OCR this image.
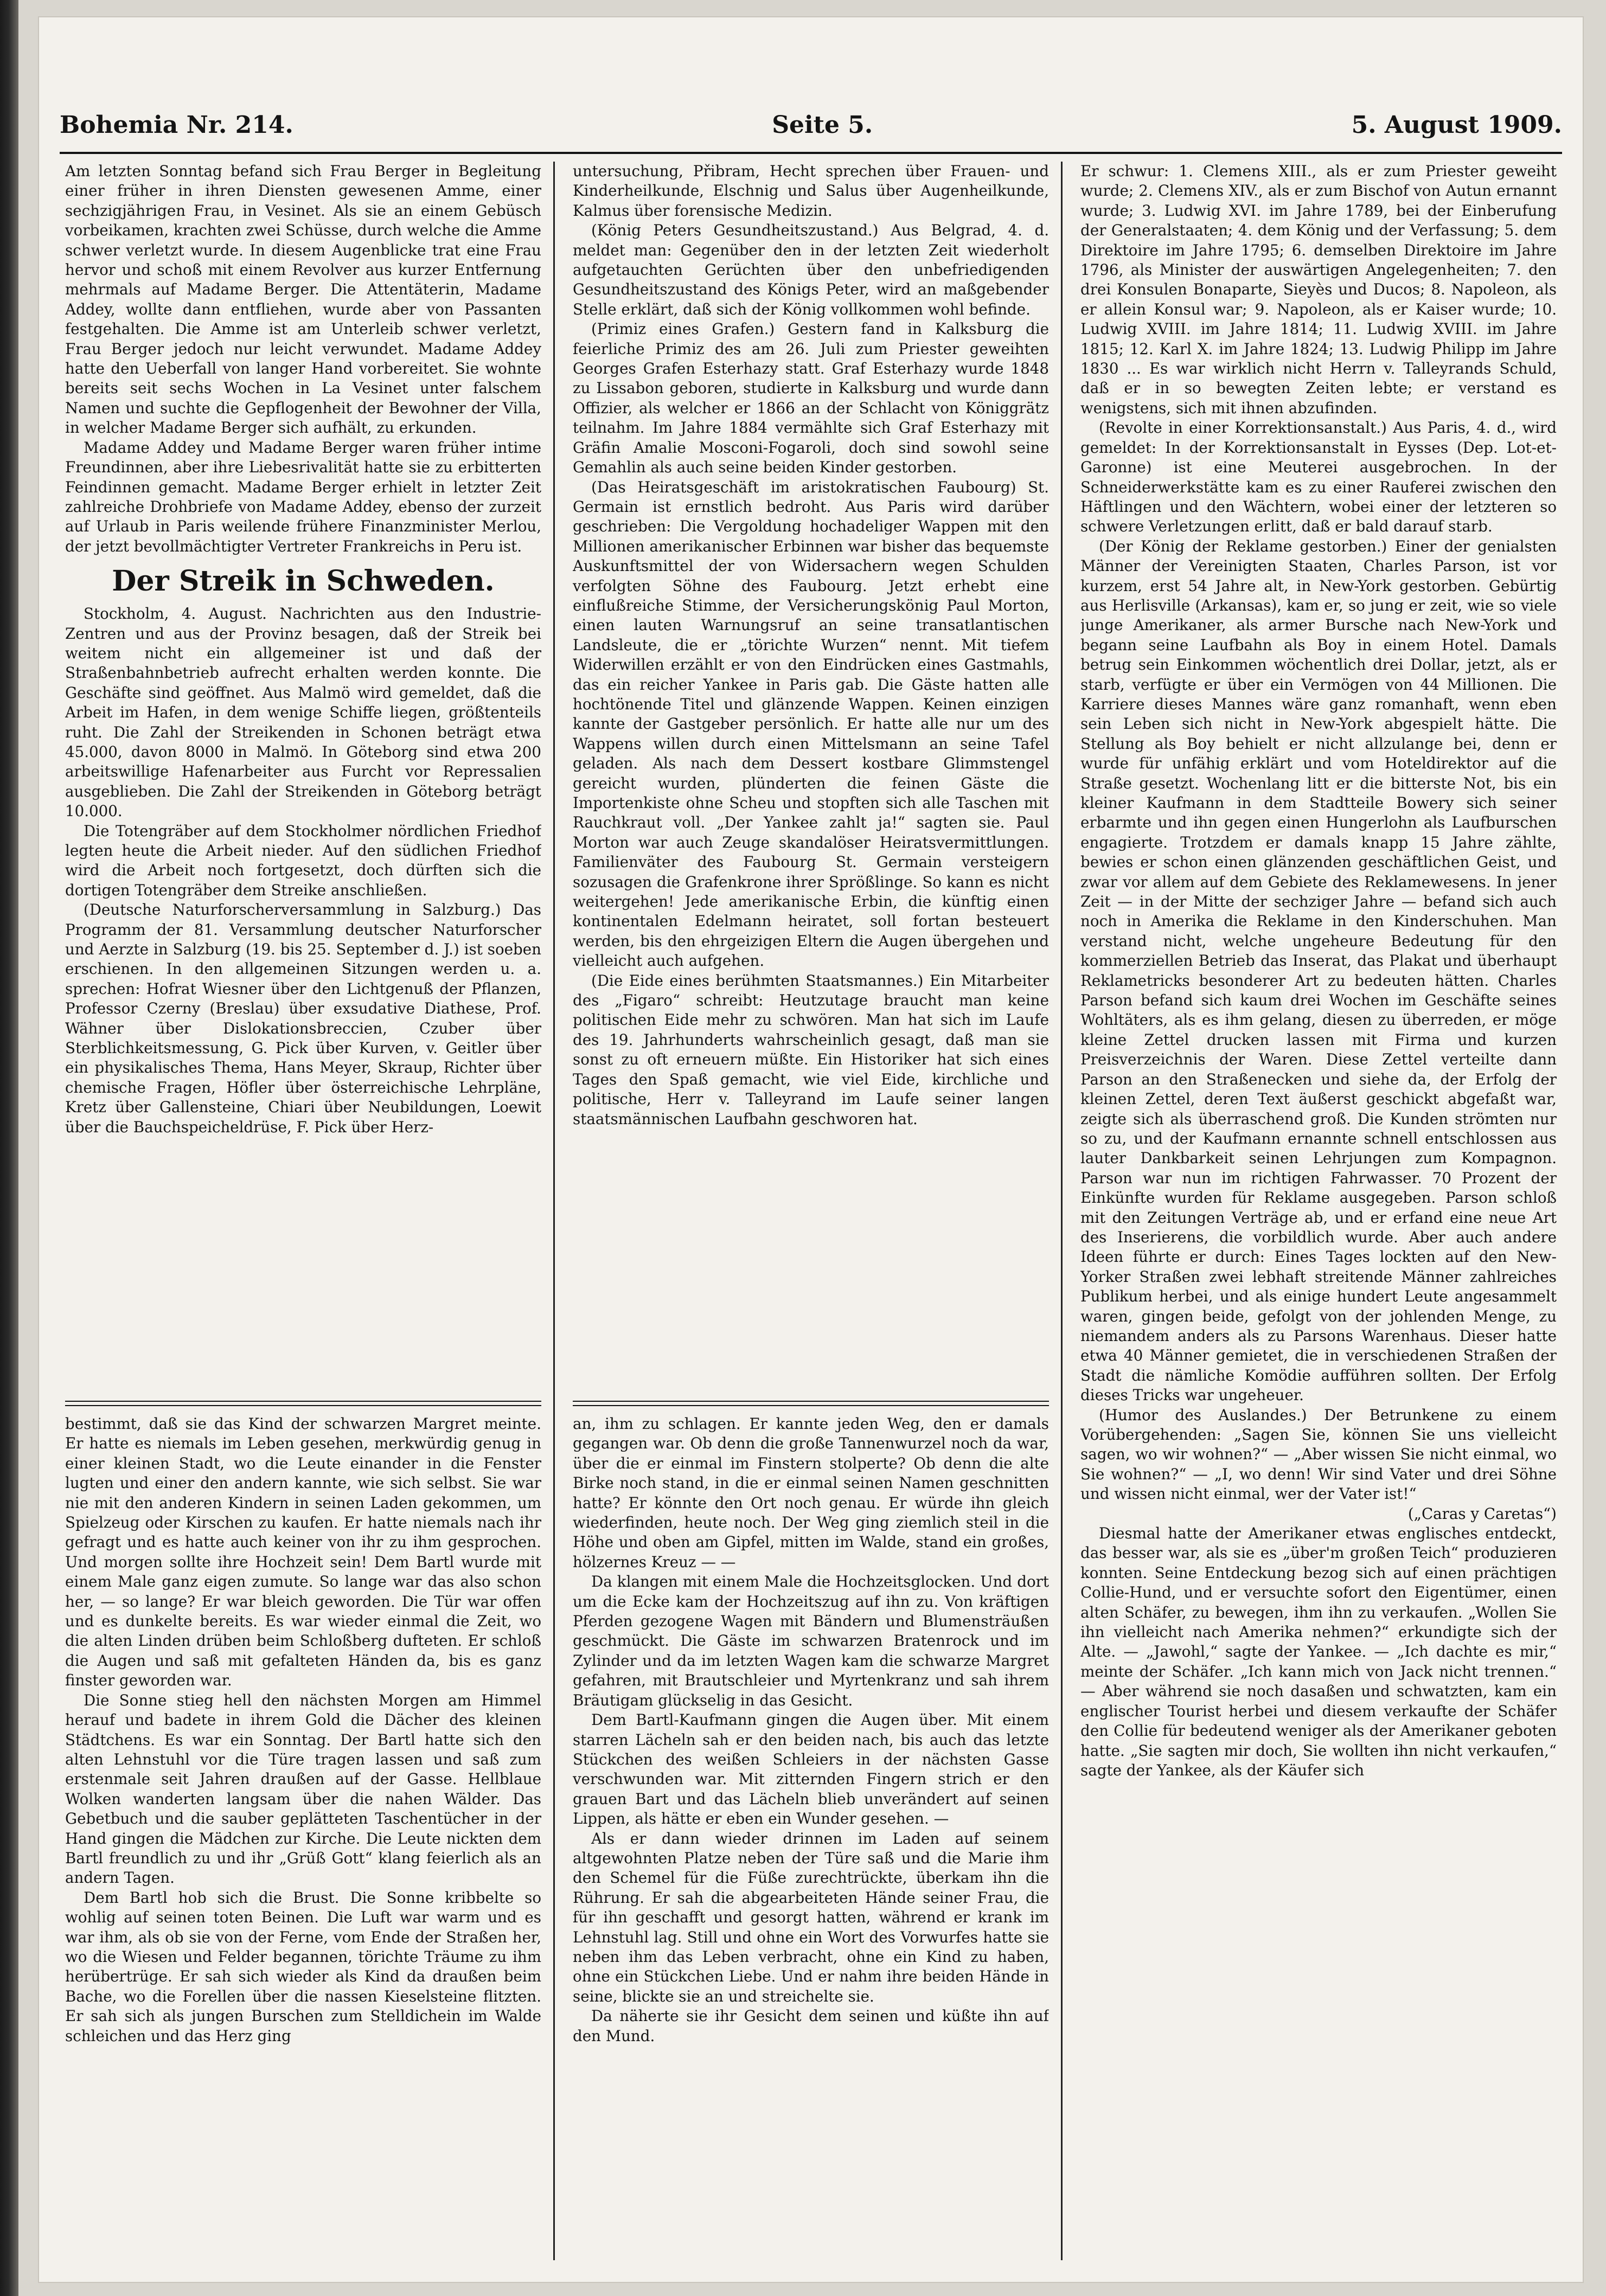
Bohemia Nr. 214.	Seite 5.	5. August 1909.

Am letzten Sonntag befand sich Frau Berger in Begleitung einer früher in ihren Diensten gewesenen Amme, einer sechzigjährigen Frau, in Vesinet. Als sie an einem Gebüsch vorbeikamen, krachten zwei Schüsse, durch welche die Amme schwer verletzt wurde. In diesem Augenblicke trat eine Frau hervor und schoß mit einem Revolver aus kurzer Entfernung mehrmals auf Madame Berger. Die Attentäterin, Madame Addey, wollte dann entfliehen, wurde aber von Passanten festgehalten. Die Amme ist am Unterleib schwer verletzt, Frau Berger jedoch nur leicht verwundet. Madame Addey hatte den Ueberfall von langer Hand vorbereitet. Sie wohnte bereits seit sechs Wochen in La Vesinet unter falschem Namen und suchte die Gepflogenheit der Bewohner der Villa, in welcher Madame Berger sich aufhält, zu erkunden.

Madame Addey und Madame Berger waren früher intime Freundinnen, aber ihre Liebesrivalität hatte sie zu erbitterten Feindinnen gemacht. Madame Berger erhielt in letzter Zeit zahlreiche Drohbriefe von Madame Addey, ebenso der zurzeit auf Urlaub in Paris weilende frühere Finanzminister Merlou, der jetzt bevollmächtigter Vertreter Frankreichs in Peru ist.

Der Streik in Schweden.

Stockholm, 4. August. Nachrichten aus den Industrie-Zentren und aus der Provinz besagen, daß der Streik bei weitem nicht ein allgemeiner ist und daß der Straßenbahnbetrieb aufrecht erhalten werden konnte. Die Geschäfte sind geöffnet. Aus Malmö wird gemeldet, daß die Arbeit im Hafen, in dem wenige Schiffe liegen, größtenteils ruht. Die Zahl der Streikenden in Schonen beträgt etwa 45.000, davon 8000 in Malmö. In Göteborg sind etwa 200 arbeitswillige Hafenarbeiter aus Furcht vor Repressalien ausgeblieben. Die Zahl der Streikenden in Göteborg beträgt 10.000.

Die Totengräber auf dem Stockholmer nördlichen Friedhof legten heute die Arbeit nieder. Auf den südlichen Friedhof wird die Arbeit noch fortgesetzt, doch dürften sich die dortigen Totengräber dem Streike anschließen.

(Deutsche Naturforscherversammlung in Salzburg.) Das Programm der 81. Versammlung deutscher Naturforscher und Aerzte in Salzburg (19. bis 25. September d. J.) ist soeben erschienen. In den allgemeinen Sitzungen werden u. a. sprechen: Hofrat Wiesner über den Lichtgenuß der Pflanzen, Professor Czerny (Breslau) über exsudative Diathese, Prof. Wähner über Dislokationsbreccien, Czuber über Sterblichkeitsmessung, G. Pick über Kurven, v. Geitler über ein physikalisches Thema, Hans Meyer, Skraup, Richter über chemische Fragen, Höfler über österreichische Lehrpläne, Kretz über Gallensteine, Chiari über Neubildungen, Loewit über die Bauchspeicheldrüse, F. Pick über Herz-

untersuchung, Přibram, Hecht sprechen über Frauen- und Kinderheilkunde, Elschnig und Salus über Augenheilkunde, Kalmus über forensische Medizin.

(König Peters Gesundheitszustand.) Aus Belgrad, 4. d. meldet man: Gegenüber den in der letzten Zeit wiederholt aufgetauchten Gerüchten über den unbefriedigenden Gesundheitszustand des Königs Peter, wird an maßgebender Stelle erklärt, daß sich der König vollkommen wohl befinde.

(Primiz eines Grafen.) Gestern fand in Kalksburg die feierliche Primiz des am 26. Juli zum Priester geweihten Georges Grafen Esterhazy statt. Graf Esterhazy wurde 1848 zu Lissabon geboren, studierte in Kalksburg und wurde dann Offizier, als welcher er 1866 an der Schlacht von Königgrätz teilnahm. Im Jahre 1884 vermählte sich Graf Esterhazy mit Gräfin Amalie Mosconi-Fogaroli, doch sind sowohl seine Gemahlin als auch seine beiden Kinder gestorben.

(Das Heiratsgeschäft im aristokratischen Faubourg) St. Germain ist ernstlich bedroht. Aus Paris wird darüber geschrieben: Die Vergoldung hochadeliger Wappen mit den Millionen amerikanischer Erbinnen war bisher das bequemste Auskunftsmittel der von Widersachern wegen Schulden verfolgten Söhne des Faubourg. Jetzt erhebt eine einflußreiche Stimme, der Versicherungskönig Paul Morton, einen lauten Warnungsruf an seine transatlantischen Landsleute, die er „törichte Wurzen“ nennt. Mit tiefem Widerwillen erzählt er von den Eindrücken eines Gastmahls, das ein reicher Yankee in Paris gab. Die Gäste hatten alle hochtönende Titel und glänzende Wappen. Keinen einzigen kannte der Gastgeber persönlich. Er hatte alle nur um des Wappens willen durch einen Mittelsmann an seine Tafel geladen. Als nach dem Dessert kostbare Glimmstengel gereicht wurden, plünderten die feinen Gäste die Importenkiste ohne Scheu und stopften sich alle Taschen mit Rauchkraut voll. „Der Yankee zahlt ja!“ sagten sie. Paul Morton war auch Zeuge skandalöser Heiratsvermittlungen. Familienväter des Faubourg St. Germain versteigern sozusagen die Grafenkrone ihrer Sprößlinge. So kann es nicht weitergehen! Jede amerikanische Erbin, die künftig einen kontinentalen Edelmann heiratet, soll fortan besteuert werden, bis den ehrgeizigen Eltern die Augen übergehen und vielleicht auch aufgehen.

(Die Eide eines berühmten Staatsmannes.) Ein Mitarbeiter des „Figaro“ schreibt: Heutzutage braucht man keine politischen Eide mehr zu schwören. Man hat sich im Laufe des 19. Jahrhunderts wahrscheinlich gesagt, daß man sie sonst zu oft erneuern müßte. Ein Historiker hat sich eines Tages den Spaß gemacht, wie viel Eide, kirchliche und politische, Herr v. Talleyrand im Laufe seiner langen staatsmännischen Laufbahn geschworen hat.

Er schwur: 1. Clemens XIII., als er zum Priester geweiht wurde; 2. Clemens XIV., als er zum Bischof von Autun ernannt wurde; 3. Ludwig XVI. im Jahre 1789, bei der Einberufung der Generalstaaten; 4. dem König und der Verfassung; 5. dem Direktoire im Jahre 1795; 6. demselben Direktoire im Jahre 1796, als Minister der auswärtigen Angelegenheiten; 7. den drei Konsulen Bonaparte, Sieyès und Ducos; 8. Napoleon, als er allein Konsul war; 9. Napoleon, als er Kaiser wurde; 10. Ludwig XVIII. im Jahre 1814; 11. Ludwig XVIII. im Jahre 1815; 12. Karl X. im Jahre 1824; 13. Ludwig Philipp im Jahre 1830 ... Es war wirklich nicht Herrn v. Talleyrands Schuld, daß er in so bewegten Zeiten lebte; er verstand es wenigstens, sich mit ihnen abzufinden.

(Revolte in einer Korrektionsanstalt.) Aus Paris, 4. d., wird gemeldet: In der Korrektionsanstalt in Eysses (Dep. Lot-et-Garonne) ist eine Meuterei ausgebrochen. In der Schneiderwerkstätte kam es zu einer Rauferei zwischen den Häftlingen und den Wächtern, wobei einer der letzteren so schwere Verletzungen erlitt, daß er bald darauf starb.

(Der König der Reklame gestorben.) Einer der genialsten Männer der Vereinigten Staaten, Charles Parson, ist vor kurzem, erst 54 Jahre alt, in New-York gestorben. Gebürtig aus Herlisville (Arkansas), kam er, so jung er zeit, wie so viele junge Amerikaner, als armer Bursche nach New-York und begann seine Laufbahn als Boy in einem Hotel. Damals betrug sein Einkommen wöchentlich drei Dollar, jetzt, als er starb, verfügte er über ein Vermögen von 44 Millionen. Die Karriere dieses Mannes wäre ganz romanhaft, wenn eben sein Leben sich nicht in New-York abgespielt hätte. Die Stellung als Boy behielt er nicht allzulange bei, denn er wurde für unfähig erklärt und vom Hoteldirektor auf die Straße gesetzt. Wochenlang litt er die bitterste Not, bis ein kleiner Kaufmann in dem Stadtteile Bowery sich seiner erbarmte und ihn gegen einen Hungerlohn als Laufburschen engagierte. Trotzdem er damals knapp 15 Jahre zählte, bewies er schon einen glänzenden geschäftlichen Geist, und zwar vor allem auf dem Gebiete des Reklamewesens. In jener Zeit — in der Mitte der sechziger Jahre — befand sich auch noch in Amerika die Reklame in den Kinderschuhen. Man verstand nicht, welche ungeheure Bedeutung für den kommerziellen Betrieb das Inserat, das Plakat und überhaupt Reklametricks besonderer Art zu bedeuten hätten. Charles Parson befand sich kaum drei Wochen im Geschäfte seines Wohltäters, als es ihm gelang, diesen zu überreden, er möge kleine Zettel drucken lassen mit Firma und kurzen Preisverzeichnis der Waren. Diese Zettel verteilte dann Parson an den Straßenecken und siehe da, der Erfolg der kleinen Zettel, deren Text äußerst geschickt abgefaßt war, zeigte sich als überraschend groß. Die Kunden strömten nur so zu, und der Kaufmann ernannte schnell entschlossen aus lauter Dankbarkeit seinen Lehrjungen zum Kompagnon. Parson war nun im richtigen Fahrwasser. 70 Prozent der Einkünfte wurden für Reklame ausgegeben. Parson schloß mit den Zeitungen Verträge ab, und er erfand eine neue Art des Inserierens, die vorbildlich wurde. Aber auch andere Ideen führte er durch: Eines Tages lockten auf den New-Yorker Straßen zwei lebhaft streitende Männer zahlreiches Publikum herbei, und als einige hundert Leute angesammelt waren, gingen beide, gefolgt von der johlenden Menge, zu niemandem anders als zu Parsons Warenhaus. Dieser hatte etwa 40 Männer gemietet, die in verschiedenen Straßen der Stadt die nämliche Komödie aufführen sollten. Der Erfolg dieses Tricks war ungeheuer.

(Humor des Auslandes.) Der Betrunkene zu einem Vorübergehenden: „Sagen Sie, können Sie uns vielleicht sagen, wo wir wohnen?“ — „Aber wissen Sie nicht einmal, wo Sie wohnen?“ — „I, wo denn! Wir sind Vater und drei Söhne und wissen nicht einmal, wer der Vater ist!“

(„Caras y Caretas“)

Diesmal hatte der Amerikaner etwas englisches entdeckt, das besser war, als sie es „über'm großen Teich“ produzieren konnten. Seine Entdeckung bezog sich auf einen prächtigen Collie-Hund, und er versuchte sofort den Eigentümer, einen alten Schäfer, zu bewegen, ihm ihn zu verkaufen. „Wollen Sie ihn vielleicht nach Amerika nehmen?“ erkundigte sich der Alte. — „Jawohl,“ sagte der Yankee. — „Ich dachte es mir,“ meinte der Schäfer. „Ich kann mich von Jack nicht trennen.“ — Aber während sie noch dasaßen und schwatzten, kam ein englischer Tourist herbei und diesem verkaufte der Schäfer den Collie für bedeutend weniger als der Amerikaner geboten hatte. „Sie sagten mir doch, Sie wollten ihn nicht verkaufen,“ sagte der Yankee, als der Käufer sich

bestimmt, daß sie das Kind der schwarzen Margret meinte. Er hatte es niemals im Leben gesehen, merkwürdig genug in einer kleinen Stadt, wo die Leute einander in die Fenster lugten und einer den andern kannte, wie sich selbst. Sie war nie mit den anderen Kindern in seinen Laden gekommen, um Spielzeug oder Kirschen zu kaufen. Er hatte niemals nach ihr gefragt und es hatte auch keiner von ihr zu ihm gesprochen. Und morgen sollte ihre Hochzeit sein! Dem Bartl wurde mit einem Male ganz eigen zumute. So lange war das also schon her, — so lange? Er war bleich geworden. Die Tür war offen und es dunkelte bereits. Es war wieder einmal die Zeit, wo die alten Linden drüben beim Schloßberg dufteten. Er schloß die Augen und saß mit gefalteten Händen da, bis es ganz finster geworden war.

Die Sonne stieg hell den nächsten Morgen am Himmel herauf und badete in ihrem Gold die Dächer des kleinen Städtchens. Es war ein Sonntag. Der Bartl hatte sich den alten Lehnstuhl vor die Türe tragen lassen und saß zum erstenmale seit Jahren draußen auf der Gasse. Hellblaue Wolken wanderten langsam über die nahen Wälder. Das Gebetbuch und die sauber geplätteten Taschentücher in der Hand gingen die Mädchen zur Kirche. Die Leute nickten dem Bartl freundlich zu und ihr „Grüß Gott“ klang feierlich als an andern Tagen.

Dem Bartl hob sich die Brust. Die Sonne kribbelte so wohlig auf seinen toten Beinen. Die Luft war warm und es war ihm, als ob sie von der Ferne, vom Ende der Straßen her, wo die Wiesen und Felder begannen, törichte Träume zu ihm herübertrüge. Er sah sich wieder als Kind da draußen beim Bache, wo die Forellen über die nassen Kieselsteine flitzten. Er sah sich als jungen Burschen zum Stelldichein im Walde schleichen und das Herz ging

an, ihm zu schlagen. Er kannte jeden Weg, den er damals gegangen war. Ob denn die große Tannenwurzel noch da war, über die er einmal im Finstern stolperte? Ob denn die alte Birke noch stand, in die er einmal seinen Namen geschnitten hatte? Er könnte den Ort noch genau. Er würde ihn gleich wiederfinden, heute noch. Der Weg ging ziemlich steil in die Höhe und oben am Gipfel, mitten im Walde, stand ein großes, hölzernes Kreuz — —

Da klangen mit einem Male die Hochzeitsglocken. Und dort um die Ecke kam der Hochzeitszug auf ihn zu. Von kräftigen Pferden gezogene Wagen mit Bändern und Blumensträußen geschmückt. Die Gäste im schwarzen Bratenrock und im Zylinder und da im letzten Wagen kam die schwarze Margret gefahren, mit Brautschleier und Myrtenkranz und sah ihrem Bräutigam glückselig in das Gesicht.

Dem Bartl-Kaufmann gingen die Augen über. Mit einem starren Lächeln sah er den beiden nach, bis auch das letzte Stückchen des weißen Schleiers in der nächsten Gasse verschwunden war. Mit zitternden Fingern strich er den grauen Bart und das Lächeln blieb unverändert auf seinen Lippen, als hätte er eben ein Wunder gesehen. —

Als er dann wieder drinnen im Laden auf seinem altgewohnten Platze neben der Türe saß und die Marie ihm den Schemel für die Füße zurechtrückte, überkam ihn die Rührung. Er sah die abgearbeiteten Hände seiner Frau, die für ihn geschafft und gesorgt hatten, während er krank im Lehnstuhl lag. Still und ohne ein Wort des Vorwurfes hatte sie neben ihm das Leben verbracht, ohne ein Kind zu haben, ohne ein Stückchen Liebe. Und er nahm ihre beiden Hände in seine, blickte sie an und streichelte sie.

Da näherte sie ihr Gesicht dem seinen und küßte ihn auf den Mund.
